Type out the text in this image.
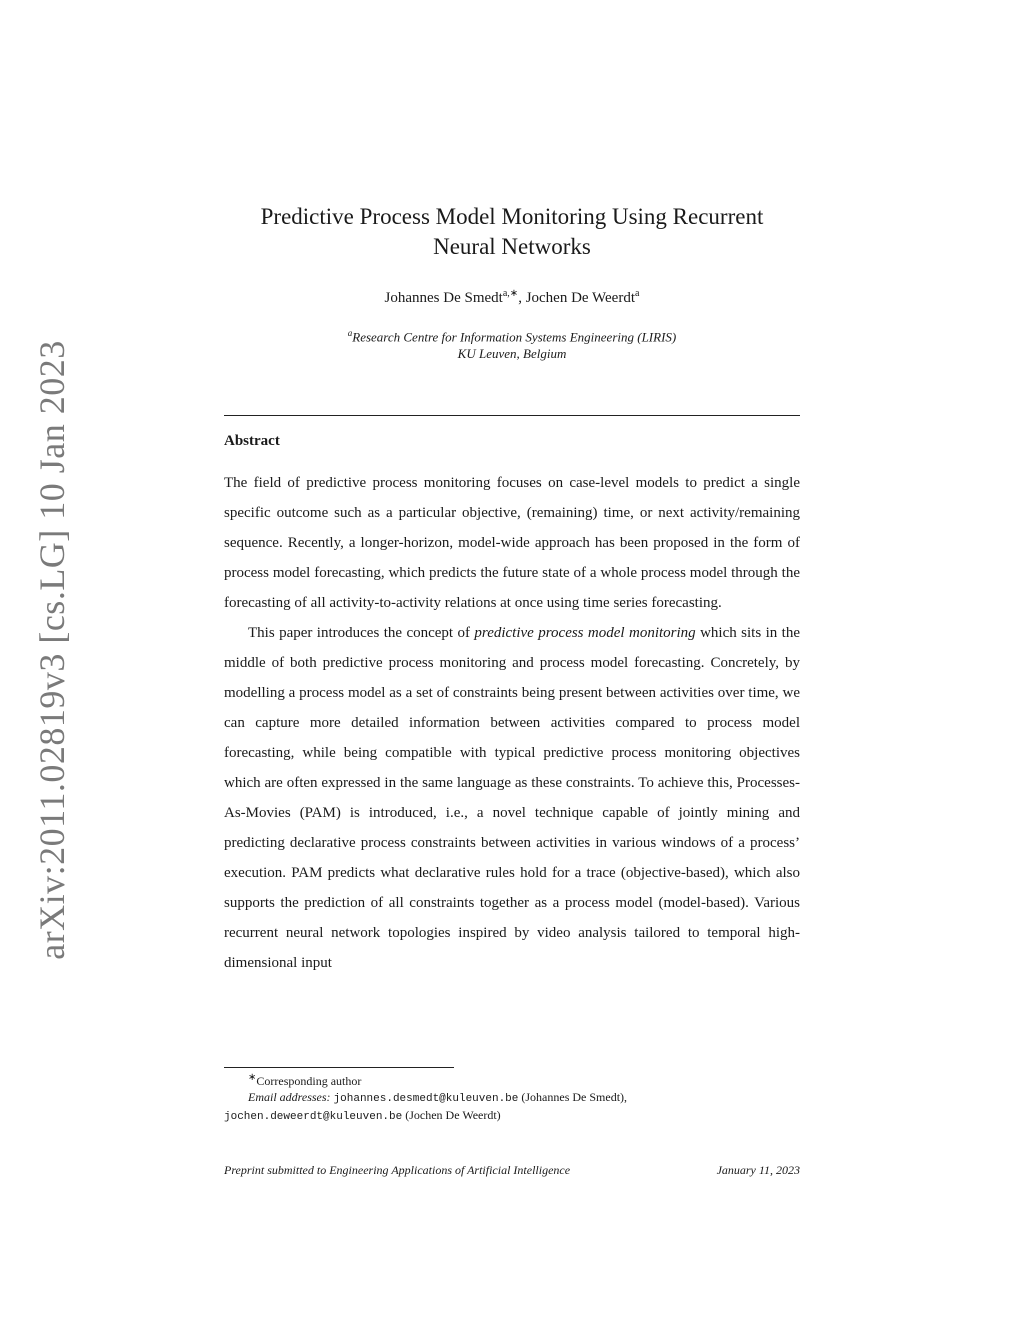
arXiv:2011.02819v3 [cs.LG] 10 Jan 2023
Predictive Process Model Monitoring Using Recurrent
Neural Networks
Johannes De Smedt$^{a,∗}$, Jochen De Weerdt$^a$
$^a$Research Centre for Information Systems Engineering (LIRIS)
KU Leuven, Belgium
Abstract

The field of predictive process monitoring focuses on case-level models to predict a single specific outcome such as a particular objective, (remaining) time, or next activity/remaining sequence. Recently, a longer-horizon, model-wide approach has been proposed in the form of process model forecasting, which predicts the future state of a whole process model through the forecasting of all activity-to-activity relations at once using time series forecasting.

This paper introduces the concept of predictive process model monitoring which sits in the middle of both predictive process monitoring and process model forecasting. Concretely, by modelling a process model as a set of constraints being present between activities over time, we can capture more detailed information between activities compared to process model forecasting, while being compatible with typical predictive process monitoring objectives which are often expressed in the same language as these constraints. To achieve this, Processes-As-Movies (PAM) is introduced, i.e., a novel technique capable of jointly mining and predicting declarative process constraints between activities in various windows of a process’ execution. PAM predicts what declarative rules hold for a trace (objective-based), which also supports the prediction of all constraints together as a process model (model-based). Various recurrent neural network topologies inspired by video analysis tailored to temporal high-dimensional input

∗Corresponding author
Email addresses: johannes.desmedt@kuleuven.be (Johannes De Smedt),
jochen.deweerdt@kuleuven.be (Jochen De Weerdt)
Preprint submitted to Engineering Applications of Artificial Intelligence	January 11, 2023
